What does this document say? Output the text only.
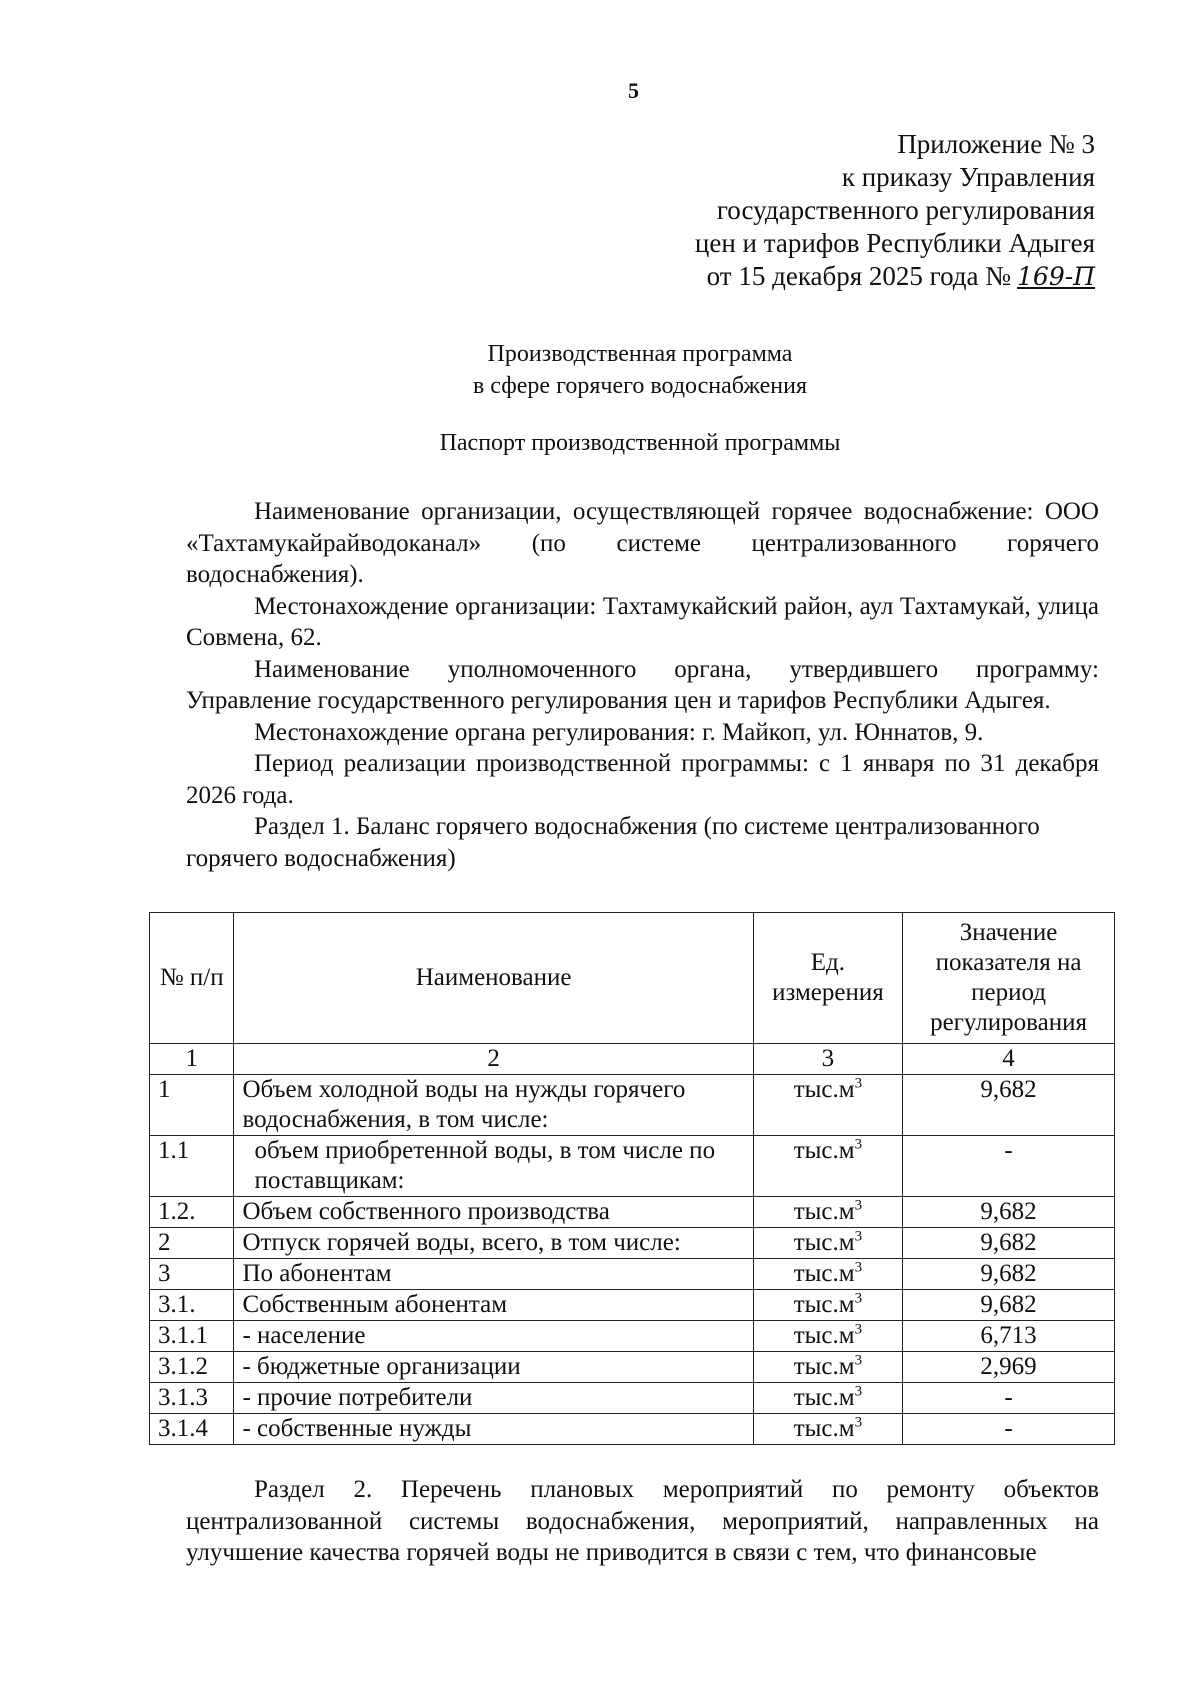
5
Приложение № 3
к приказу Управления
государственного регулирования
цен и тарифов Республики Адыгея
от 15 декабря 2025 года № 169-П
Производственная программа
в сфере горячего водоснабжения
Паспорт производственной программы

Наименование организации, осуществляющей горячее водоснабжение: ООО «Тахтамукайрайводоканал» (по системе централизованного горячего водоснабжения).

Местонахождение организации: Тахтамукайский район, аул Тахтамукай, улица Совмена, 62.

Наименование уполномоченного органа, утвердившего программу: Управление государственного регулирования цен и тарифов Республики Адыгея.

Местонахождение органа регулирования: г. Майкоп, ул. Юннатов, 9.

Период реализации производственной программы: с 1 января по 31 декабря 2026 года.

Раздел 1. Баланс горячего водоснабжения (по системе централизованного горячего водоснабжения)

№ п/п	Наименование	Ед. измерения	Значение показателя на период регулирования
1	2	3	4
1	Объем холодной воды на нужды горячего водоснабжения, в том числе:	$тыс.м^3$	9,682
1.1	объем приобретенной воды, в том числе по поставщикам:	$тыс.м^3$	-
1.2.	Объем собственного производства	$тыс.м^3$	9,682
2	Отпуск горячей воды, всего, в том числе:	$тыс.м^3$	9,682
3	По абонентам	$тыс.м^3$	9,682
3.1.	Собственным абонентам	$тыс.м^3$	9,682
3.1.1	- население	$тыс.м^3$	6,713
3.1.2	- бюджетные организации	$тыс.м^3$	2,969
3.1.3	- прочие потребители	$тыс.м^3$	-
3.1.4	- собственные нужды	$тыс.м^3$	-

Раздел 2. Перечень плановых мероприятий по ремонту объектов централизованной системы водоснабжения, мероприятий, направленных на улучшение качества горячей воды не приводится в связи с тем, что финансовые
